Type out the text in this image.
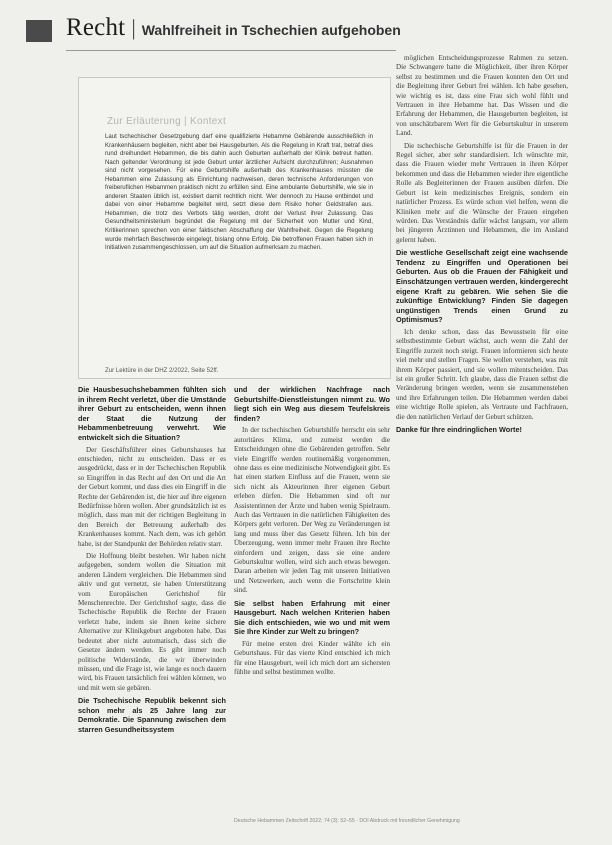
Recht | Wahlfreiheit in Tschechien aufgehoben
Zur Erläuterung | Kontext
Laut tschechischer Gesetzgebung darf eine qualifizierte Hebamme Gebärende ausschließlich in Krankenhäusern begleiten, nicht aber bei Hausgeburten. Als die Regelung in Kraft trat, betraf dies rund dreihundert Hebammen, die bis dahin auch Geburten außerhalb der Klinik betreut hatten. Nach geltender Verordnung ist jede Geburt unter ärztlicher Aufsicht durchzuführen; Ausnahmen sind nicht vorgesehen. Für eine Geburtshilfe außerhalb des Krankenhauses müssten die Hebammen eine Zulassung als Einrichtung nachweisen, deren technische Anforderungen von freiberuflichen Hebammen praktisch nicht zu erfüllen sind. Eine ambulante Geburtshilfe, wie sie in anderen Staaten üblich ist, existiert damit rechtlich nicht. Wer dennoch zu Hause entbindet und dabei von einer Hebamme begleitet wird, setzt diese dem Risiko hoher Geldstrafen aus. Hebammen, die trotz des Verbots tätig werden, droht der Verlust ihrer Zulassung. Das Gesundheitsministerium begründet die Regelung mit der Sicherheit von Mutter und Kind, Kritikerinnen sprechen von einer faktischen Abschaffung der Wahlfreiheit. Gegen die Regelung wurde mehrfach Beschwerde eingelegt, bislang ohne Erfolg. Die betroffenen Frauen haben sich in Initiativen zusammengeschlossen, um auf die Situation aufmerksam zu machen.
Zur Lektüre in der DHZ 2/2022, Seite 52ff.

Die Hausbesuchshebammen fühlten sich in ihrem Recht verletzt, über die Umstände ihrer Geburt zu entscheiden, wenn ihnen der Staat die Nutzung der Hebammenbetreuung verwehrt. Wie entwickelt sich die Situation?

Der Geschäftsführer eines Geburtshauses hat entschieden, nicht zu entscheiden. Dass er es ausgedrückt, dass er in der Tschechischen Republik so Eingriffen in das Recht auf den Ort und die Art der Geburt kommt, und dass dies ein Eingriff in die Rechte der Gebärenden ist, die hier auf ihre eigenen Bedürfnisse hören wollen. Aber grundsätzlich ist es möglich, dass man mit der richtigen Begleitung in den Bereich der Betreuung außerhalb des Krankenhauses kommt. Nach dem, was ich gehört habe, ist der Standpunkt der Behörden relativ starr.

Die Hoffnung bleibt bestehen. Wir haben nicht aufgegeben, sondern wollen die Situation mit anderen Ländern vergleichen. Die Hebammen sind aktiv und gut vernetzt, sie haben Unterstützung vom Europäischen Gerichtshof für Menschenrechte. Der Gerichtshof sagte, dass die Tschechische Republik die Rechte der Frauen verletzt habe, indem sie ihnen keine sichere Alternative zur Klinikgeburt angeboten habe. Das bedeutet aber nicht automatisch, dass sich die Gesetze ändern werden. Es gibt immer noch politische Widerstände, die wir überwinden müssen, und die Frage ist, wie lange es noch dauern wird, bis Frauen tatsächlich frei wählen können, wo und mit wem sie gebären.

Die Tschechische Republik bekennt sich schon mehr als 25 Jahre lang zur Demokratie. Die Spannung zwischen dem starren Gesundheitssystem

und der wirklichen Nachfrage nach Geburtshilfe-Dienstleistungen nimmt zu. Wo liegt sich ein Weg aus diesem Teufelskreis finden?

In der tschechischen Geburtshilfe herrscht ein sehr autoritäres Klima, und zumeist werden die Entscheidungen ohne die Gebärenden getroffen. Sehr viele Eingriffe werden routinemäßig vorgenommen, ohne dass es eine medizinische Notwendigkeit gibt. Es hat einen starken Einfluss auf die Frauen, wenn sie sich nicht als Akteurinnen ihrer eigenen Geburt erleben dürfen. Die Hebammen sind oft nur Assistentinnen der Ärzte und haben wenig Spielraum. Auch das Vertrauen in die natürlichen Fähigkeiten des Körpers geht verloren. Der Weg zu Veränderungen ist lang und muss über das Gesetz führen. Ich bin der Überzeugung, wenn immer mehr Frauen ihre Rechte einfordern und zeigen, dass sie eine andere Geburtskultur wollen, wird sich auch etwas bewegen. Daran arbeiten wir jeden Tag mit unseren Initiativen und Netzwerken, auch wenn die Fortschritte klein sind.

Sie selbst haben Erfahrung mit einer Hausgeburt. Nach welchen Kriterien haben Sie dich entschieden, wie wo und mit wem Sie Ihre Kinder zur Welt zu bringen?

Für meine ersten drei Kinder wählte ich ein Geburtshaus. Für das vierte Kind entschied ich mich für eine Hausgeburt, weil ich mich dort am sichersten fühlte und selbst bestimmen wollte.

möglichen Entscheidungsprozesse Rahmen zu setzen. Die Schwangere hatte die Möglichkeit, über ihren Körper selbst zu bestimmen und die Frauen konnten den Ort und die Begleitung ihrer Geburt frei wählen. Ich habe gesehen, wie wichtig es ist, dass eine Frau sich wohl fühlt und Vertrauen in ihre Hebamme hat. Das Wissen und die Erfahrung der Hebammen, die Hausgeburten begleiten, ist von unschätzbarem Wert für die Geburtskultur in unserem Land.

Die tschechische Geburtshilfe ist für die Frauen in der Regel sicher, aber sehr standardisiert. Ich wünschte mir, dass die Frauen wieder mehr Vertrauen in ihren Körper bekommen und dass die Hebammen wieder ihre eigentliche Rolle als Begleiterinnen der Frauen ausüben dürfen. Die Geburt ist kein medizinisches Ereignis, sondern ein natürlicher Prozess. Es würde schon viel helfen, wenn die Kliniken mehr auf die Wünsche der Frauen eingehen würden. Das Verständnis dafür wächst langsam, vor allem bei jüngeren Ärztinnen und Hebammen, die im Ausland gelernt haben.

Die westliche Gesellschaft zeigt eine wachsende Tendenz zu Eingriffen und Operationen bei Geburten. Aus ob die Frauen der Fähigkeit und Einschätzungen vertrauen werden, kindergerecht eigene Kraft zu gebären. Wie sehen Sie die zukünftige Entwicklung? Finden Sie dagegen ungünstigen Trends einen Grund zu Optimismus?

Ich denke schon, dass das Bewusstsein für eine selbstbestimmte Geburt wächst, auch wenn die Zahl der Eingriffe zurzeit noch steigt. Frauen informieren sich heute viel mehr und stellen Fragen. Sie wollen verstehen, was mit ihrem Körper passiert, und sie wollen mitentscheiden. Das ist ein großer Schritt. Ich glaube, dass die Frauen selbst die Veränderung bringen werden, wenn sie zusammenstehen und ihre Erfahrungen teilen. Die Hebammen werden dabei eine wichtige Rolle spielen, als Vertraute und Fachfrauen, die den natürlichen Verlauf der Geburt schützen.

Danke für Ihre eindringlichen Worte!

Deutsche Hebammen Zeitschrift 2022; 74 (3): 52–55 · DOI Abdruck mit freundlicher Genehmigung
